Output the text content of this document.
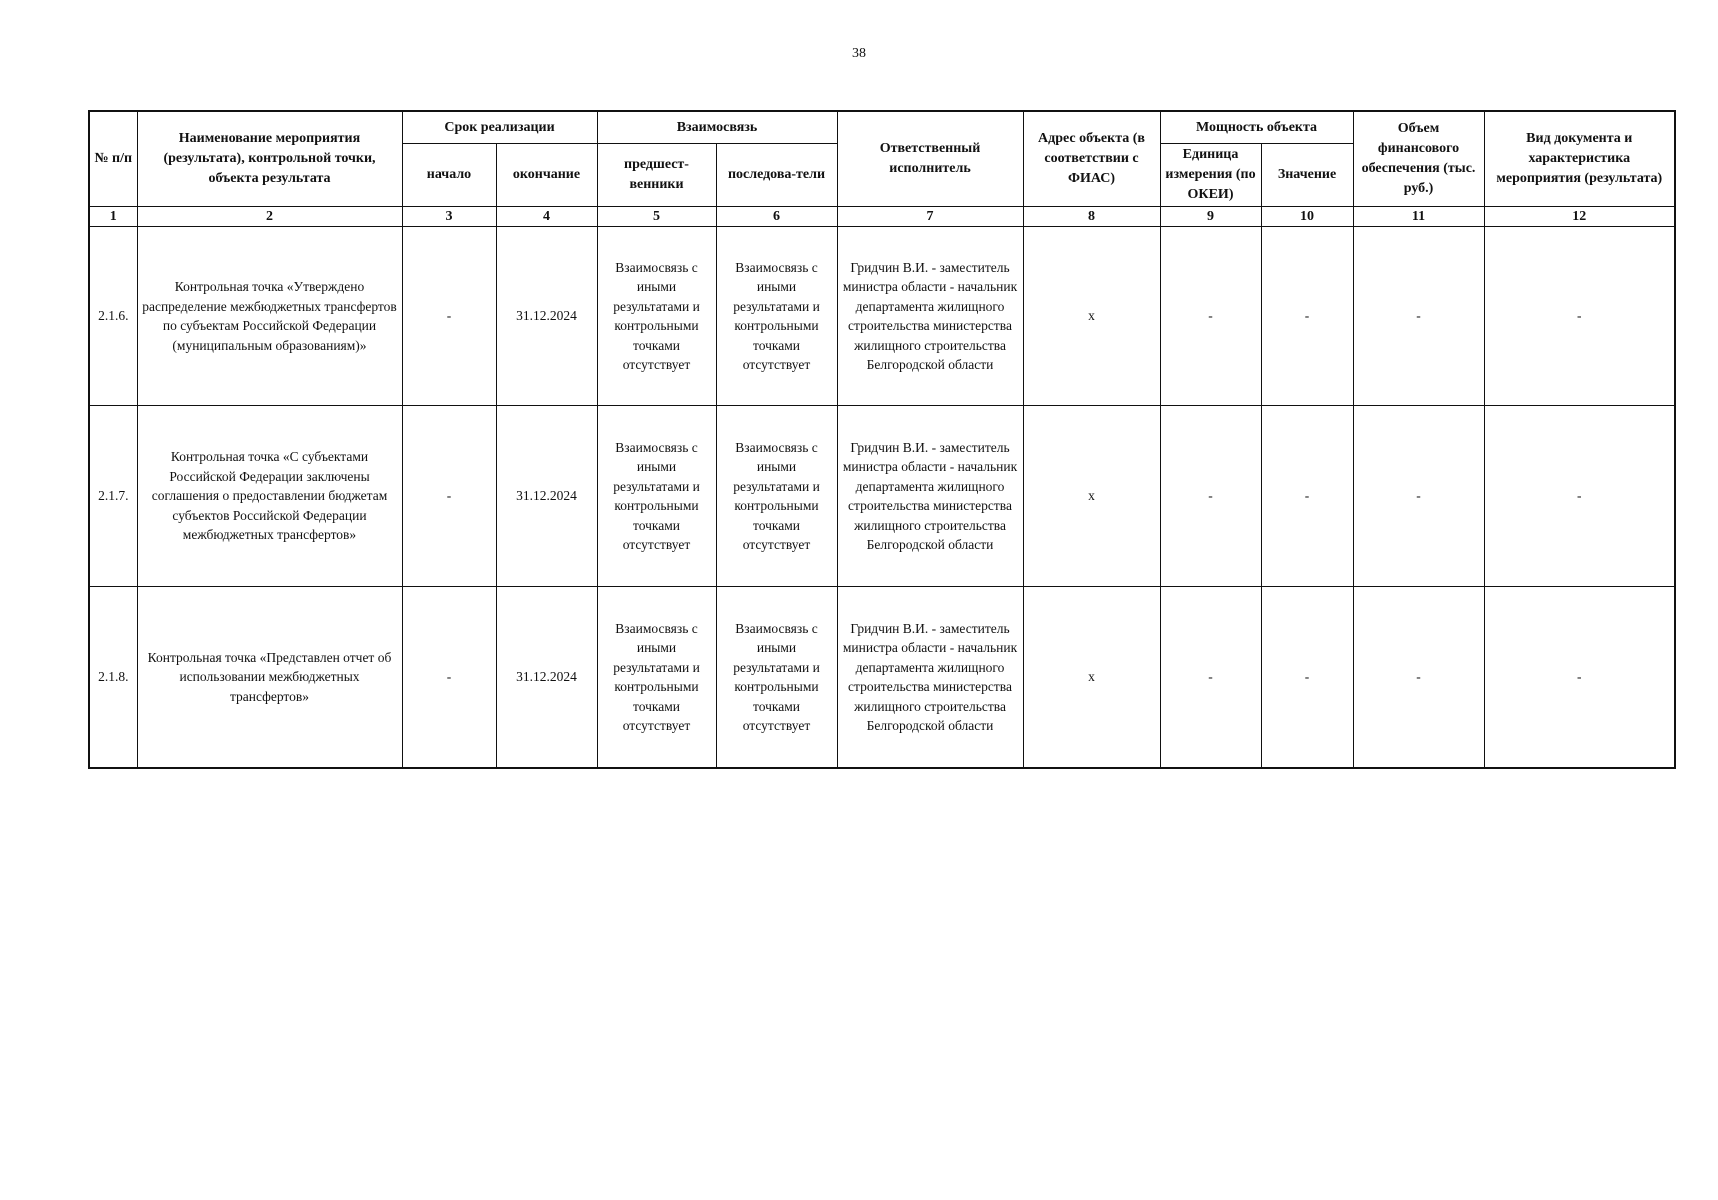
38
№ п/п	Наименование мероприятия (результата), контрольной точки, объекта результата	Срок реализации		Взаимосвязь		Ответственный исполнитель	Адрес объекта (в соответствии с ФИАС)	Мощность объекта		Объем финансового обеспечения (тыс. руб.)	Вид документа и характеристика мероприятия (результата)
		начало	окончание	предшест-венники	последова-тели			Единица измерения (по ОКЕИ)	Значение		
1	2	3	4	5	6	7	8	9	10	11	12
2.1.6.	Контрольная точка «Утверждено распределение межбюджетных трансфертов по субъектам Российской Федерации (муниципальным образованиям)»	-	31.12.2024	Взаимосвязь с иными результатами и контрольными точками отсутствует	Взаимосвязь с иными результатами и контрольными точками отсутствует	Гридчин В.И. - заместитель министра области - начальник департамента жилищного строительства министерства жилищного строительства Белгородской области	х	-	-	-	-
2.1.7.	Контрольная точка «С субъектами Российской Федерации заключены соглашения о предоставлении бюджетам субъектов Российской Федерации межбюджетных трансфертов»	-	31.12.2024	Взаимосвязь с иными результатами и контрольными точками отсутствует	Взаимосвязь с иными результатами и контрольными точками отсутствует	Гридчин В.И. - заместитель министра области - начальник департамента жилищного строительства министерства жилищного строительства Белгородской области	х	-	-	-	-
2.1.8.	Контрольная точка «Представлен отчет об использовании межбюджетных трансфертов»	-	31.12.2024	Взаимосвязь с иными результатами и контрольными точками отсутствует	Взаимосвязь с иными результатами и контрольными точками отсутствует	Гридчин В.И. - заместитель министра области - начальник департамента жилищного строительства министерства жилищного строительства Белгородской области	х	-	-	-	-
